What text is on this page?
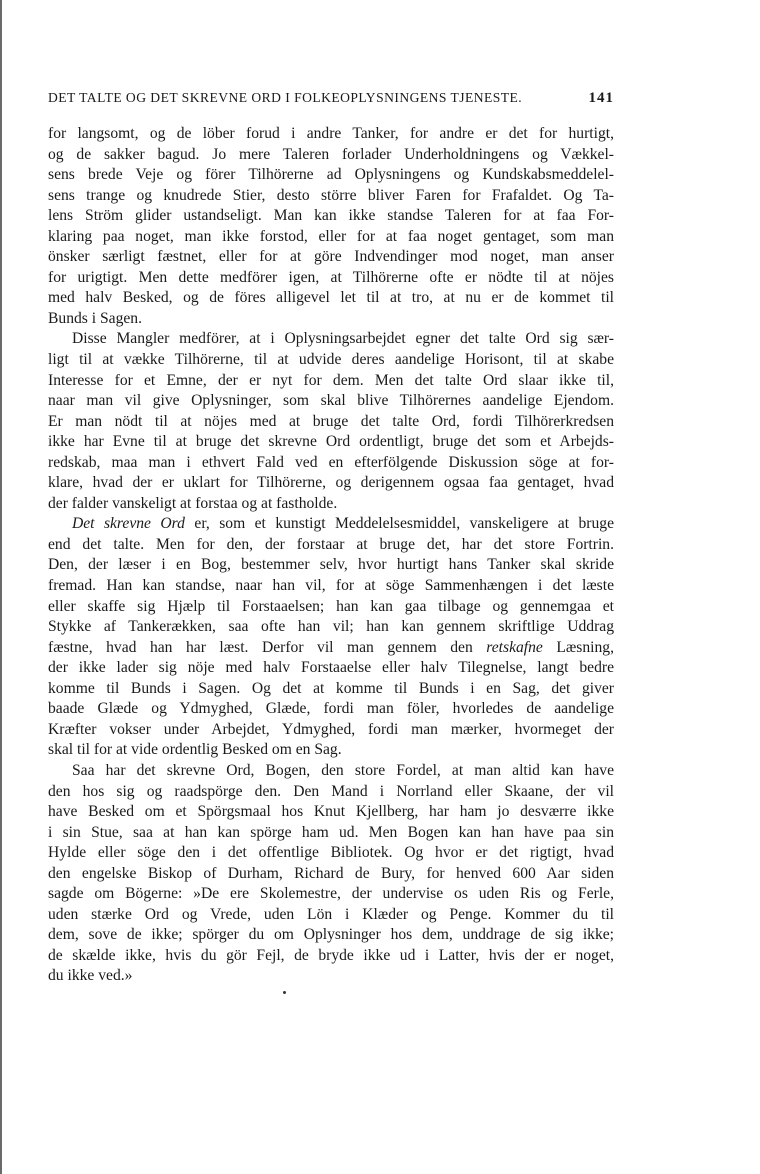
DET TALTE OG DET SKREVNE ORD I FOLKEOPLYSNINGENS TJENESTE.	141
for langsomt, og de löber forud i andre Tanker, for andre er det for hurtigt,
og de sakker bagud. Jo mere Taleren forlader Underholdningens og Vækkel-
sens brede Veje og förer Tilhörerne ad Oplysningens og Kundskabsmeddelel-
sens trange og knudrede Stier, desto större bliver Faren for Frafaldet. Og Ta-
lens Ström glider ustandseligt. Man kan ikke standse Taleren for at faa For-
klaring paa noget, man ikke forstod, eller for at faa noget gentaget, som man
önsker særligt fæstnet, eller for at göre Indvendinger mod noget, man anser
for urigtigt. Men dette medförer igen, at Tilhörerne ofte er nödte til at nöjes
med halv Besked, og de föres alligevel let til at tro, at nu er de kommet til
Bunds i Sagen.
Disse Mangler medförer, at i Oplysningsarbejdet egner det talte Ord sig sær-
ligt til at vække Tilhörerne, til at udvide deres aandelige Horisont, til at skabe
Interesse for et Emne, der er nyt for dem. Men det talte Ord slaar ikke til,
naar man vil give Oplysninger, som skal blive Tilhörernes aandelige Ejendom.
Er man nödt til at nöjes med at bruge det talte Ord, fordi Tilhörerkredsen
ikke har Evne til at bruge det skrevne Ord ordentligt, bruge det som et Arbejds-
redskab, maa man i ethvert Fald ved en efterfölgende Diskussion söge at for-
klare, hvad der er uklart for Tilhörerne, og derigennem ogsaa faa gentaget, hvad
der falder vanskeligt at forstaa og at fastholde.
Det skrevne Ord er, som et kunstigt Meddelelsesmiddel, vanskeligere at bruge
end det talte. Men for den, der forstaar at bruge det, har det store Fortrin.
Den, der læser i en Bog, bestemmer selv, hvor hurtigt hans Tanker skal skride
fremad. Han kan standse, naar han vil, for at söge Sammenhængen i det læste
eller skaffe sig Hjælp til Forstaaelsen; han kan gaa tilbage og gennemgaa et
Stykke af Tankerækken, saa ofte han vil; han kan gennem skriftlige Uddrag
fæstne, hvad han har læst. Derfor vil man gennem den retskafne Læsning,
der ikke lader sig nöje med halv Forstaaelse eller halv Tilegnelse, langt bedre
komme til Bunds i Sagen. Og det at komme til Bunds i en Sag, det giver
baade Glæde og Ydmyghed, Glæde, fordi man föler, hvorledes de aandelige
Kræfter vokser under Arbejdet, Ydmyghed, fordi man mærker, hvormeget der
skal til for at vide ordentlig Besked om en Sag.
Saa har det skrevne Ord, Bogen, den store Fordel, at man altid kan have
den hos sig og raadspörge den. Den Mand i Norrland eller Skaane, der vil
have Besked om et Spörgsmaal hos Knut Kjellberg, har ham jo desværre ikke
i sin Stue, saa at han kan spörge ham ud. Men Bogen kan han have paa sin
Hylde eller söge den i det offentlige Bibliotek. Og hvor er det rigtigt, hvad
den engelske Biskop of Durham, Richard de Bury, for henved 600 Aar siden
sagde om Bögerne: »De ere Skolemestre, der undervise os uden Ris og Ferle,
uden stærke Ord og Vrede, uden Lön i Klæder og Penge. Kommer du til
dem, sove de ikke; spörger du om Oplysninger hos dem, unddrage de sig ikke;
de skælde ikke, hvis du gör Fejl, de bryde ikke ud i Latter, hvis der er noget,
du ikke ved.»
